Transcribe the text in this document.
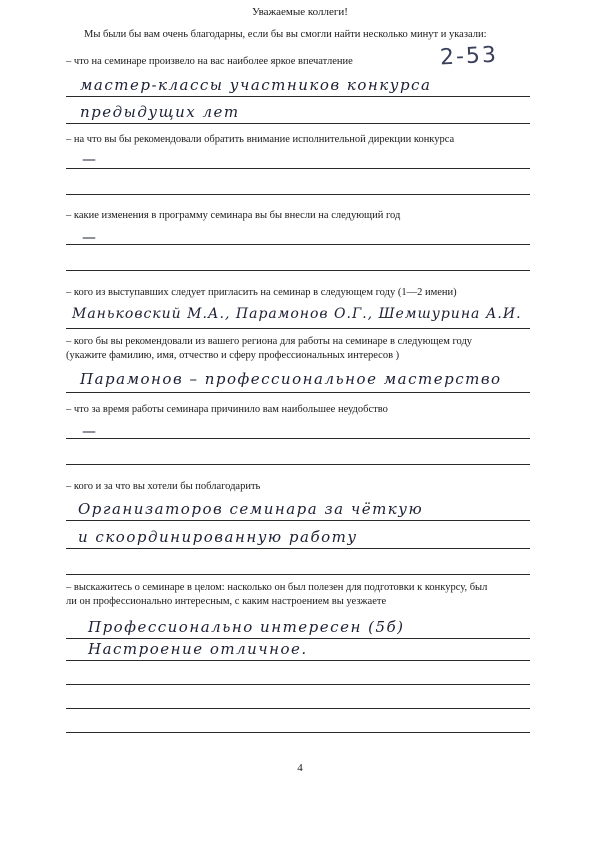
Уважаемые коллеги!
Мы были бы вам очень благодарны, если бы вы смогли найти несколько минут и указали:
2-53
– что на семинаре произвело на вас наиболее яркое впечатление
мастер-классы участников конкурса
предыдущих лет
– на что вы бы рекомендовали обратить внимание исполнительной дирекции конкурса
—
– какие изменения в программу семинара вы бы внесли на следующий год
—
– кого из выступавших следует пригласить на семинар в следующем году (1—2 имени)
Маньковский М.А., Парамонов О.Г., Шемшурина А.И.
– кого бы вы рекомендовали из вашего региона для работы на семинаре в следующем году
(укажите фамилию, имя, отчество и сферу профессиональных интересов )
Парамонов – профессиональное мастерство
– что за время работы семинара причинило вам наибольшее неудобство
—
– кого и за что вы хотели бы поблагодарить
Организаторов семинара за чёткую
и скоординированную работу
– выскажитесь о семинаре в целом: насколько он был полезен для подготовки к конкурсу, был
ли он профессионально интересным, с каким настроением вы уезжаете
Профессионально интересен (5б)
Настроение отличное.
4
